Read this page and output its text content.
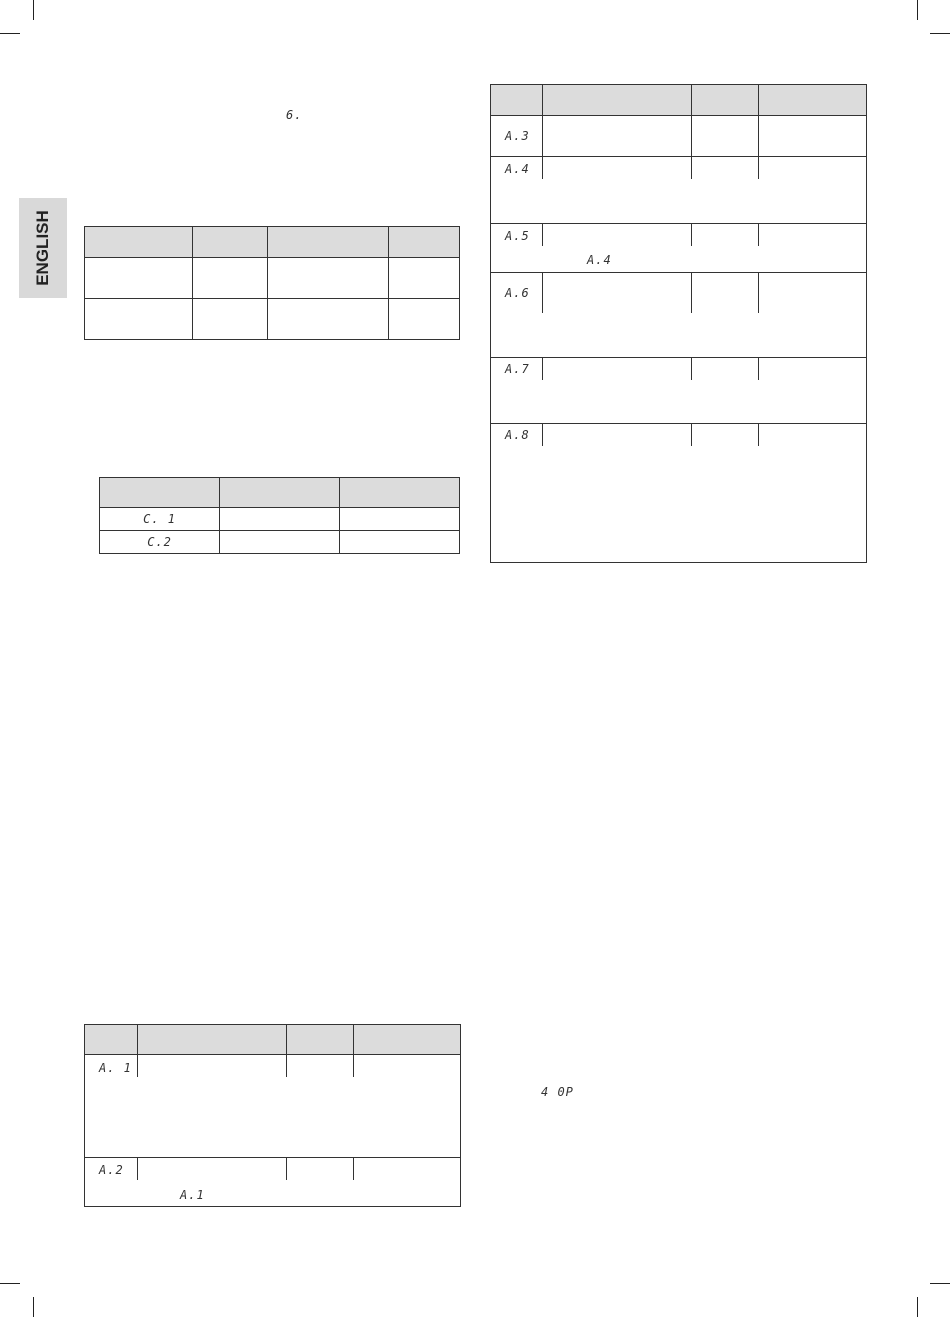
ENGLISH
6.

C. 1		
C.2		
A. 1
A.2
A.1
A.3
A.4
A.5
A.4
A.6
A.7
A.8
4 0P
